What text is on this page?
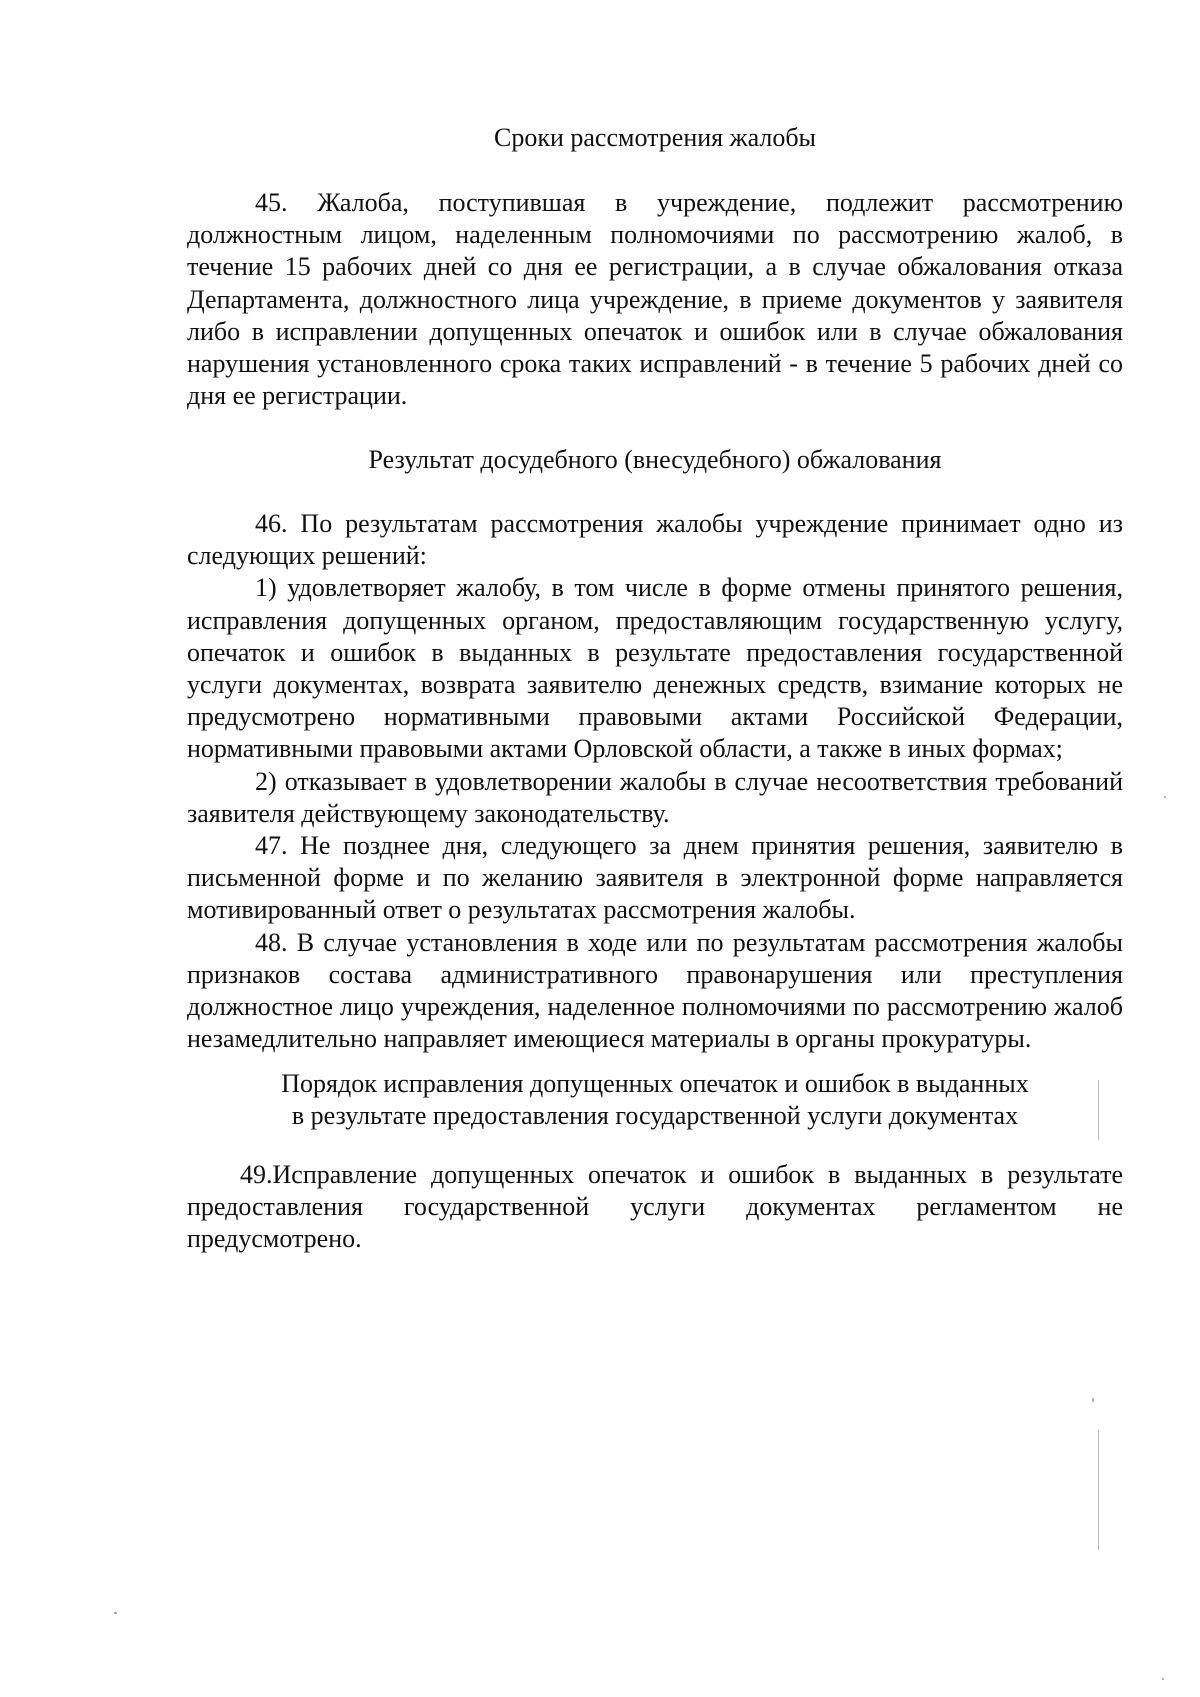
Сроки рассмотрения жалобы

45. Жалоба, поступившая в учреждение, подлежит рассмотрению должностным лицом, наделенным полномочиями по рассмотрению жалоб, в течение 15 рабочих дней со дня ее регистрации, а в случае обжалования отказа Департамента, должностного лица учреждение, в приеме документов у заявителя либо в исправлении допущенных опечаток и ошибок или в случае обжалования нарушения установленного срока таких исправлений - в течение 5 рабочих дней со дня ее регистрации.

Результат досудебного (внесудебного) обжалования

46. По результатам рассмотрения жалобы учреждение принимает одно из следующих решений:

1) удовлетворяет жалобу, в том числе в форме отмены принятого решения, исправления допущенных органом, предоставляющим государственную услугу, опечаток и ошибок в выданных в результате предоставления государственной услуги документах, возврата заявителю денежных средств, взимание которых не предусмотрено нормативными правовыми актами Российской Федерации, нормативными правовыми актами Орловской области, а также в иных формах;

2) отказывает в удовлетворении жалобы в случае несоответствия требований заявителя действующему законодательству.

47. Не позднее дня, следующего за днем принятия решения, заявителю в письменной форме и по желанию заявителя в электронной форме направляется мотивированный ответ о результатах рассмотрения жалобы.

48. В случае установления в ходе или по результатам рассмотрения жалобы признаков состава административного правонарушения или преступления должностное лицо учреждения, наделенное полномочиями по рассмотрению жалоб незамедлительно направляет имеющиеся материалы в органы прокуратуры.

Порядок исправления допущенных опечаток и ошибок в выданных
в результате предоставления государственной услуги документах

49.Исправление допущенных опечаток и ошибок в выданных в результате предоставления государственной услуги документах регламентом не предусмотрено.
